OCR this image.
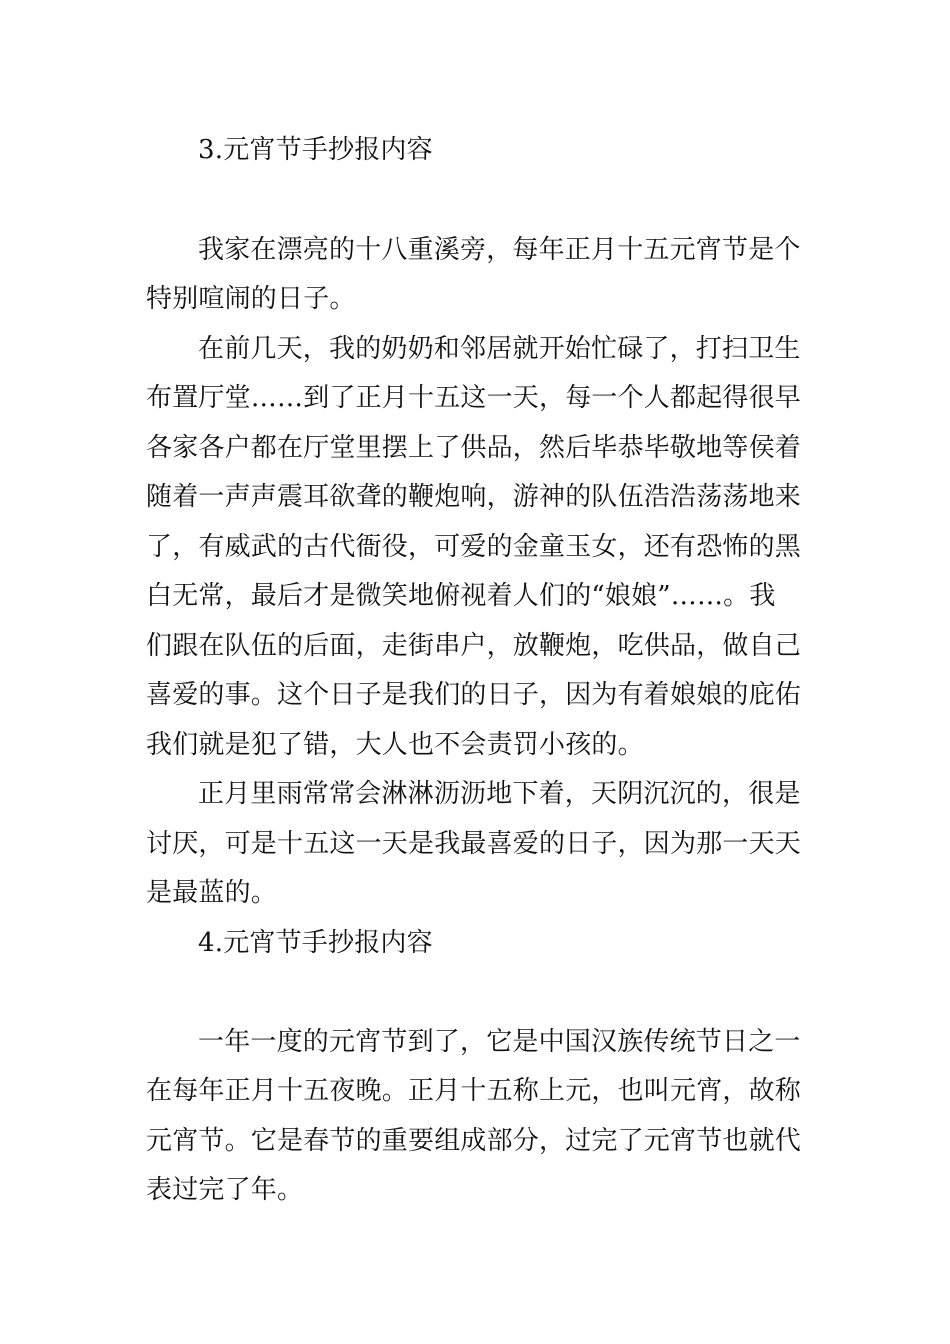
3.元宵节手抄报内容
我家在漂亮的十八重溪旁，每年正月十五元宵节是个
特别喧闹的日子。
在前几天，我的奶奶和邻居就开始忙碌了，打扫卫生
布置厅堂……到了正月十五这一天，每一个人都起得很早
各家各户都在厅堂里摆上了供品，然后毕恭毕敬地等侯着
随着一声声震耳欲聋的鞭炮响，游神的队伍浩浩荡荡地来
了，有威武的古代衙役，可爱的金童玉女，还有恐怖的黑
白无常，最后才是微笑地俯视着人们的“娘娘”……。我
们跟在队伍的后面，走街串户，放鞭炮，吃供品，做自己
喜爱的事。这个日子是我们的日子，因为有着娘娘的庇佑
我们就是犯了错，大人也不会责罚小孩的。
正月里雨常常会淋淋沥沥地下着，天阴沉沉的，很是
讨厌，可是十五这一天是我最喜爱的日子，因为那一天天
是最蓝的。
4.元宵节手抄报内容
一年一度的元宵节到了，它是中国汉族传统节日之一
在每年正月十五夜晚。正月十五称上元，也叫元宵，故称
元宵节。它是春节的重要组成部分，过完了元宵节也就代
表过完了年。
